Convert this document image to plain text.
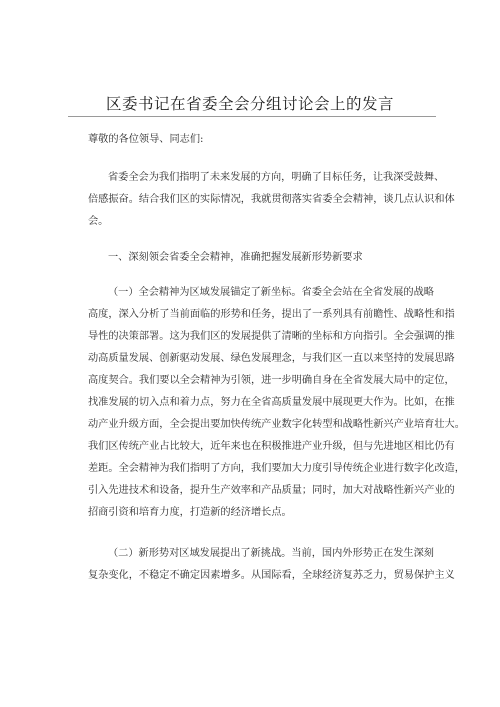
区委书记在省委全会分组讨论会上的发言
尊敬的各位领导、同志们:
省委全会为我们指明了未来发展的方向，明确了目标任务，让我深受鼓舞、
倍感振奋。结合我们区的实际情况，我就贯彻落实省委全会精神，谈几点认识和体
会。
一、深刻领会省委全会精神，准确把握发展新形势新要求
（一）全会精神为区域发展锚定了新坐标。省委全会站在全省发展的战略
高度，深入分析了当前面临的形势和任务，提出了一系列具有前瞻性、战略性和指
导性的决策部署。这为我们区的发展提供了清晰的坐标和方向指引。全会强调的推
动高质量发展、创新驱动发展、绿色发展理念，与我们区一直以来坚持的发展思路
高度契合。我们要以全会精神为引领，进一步明确自身在全省发展大局中的定位，
找准发展的切入点和着力点，努力在全省高质量发展中展现更大作为。比如，在推
动产业升级方面，全会提出要加快传统产业数字化转型和战略性新兴产业培育壮大。
我们区传统产业占比较大，近年来也在积极推进产业升级，但与先进地区相比仍有
差距。全会精神为我们指明了方向，我们要加大力度引导传统企业进行数字化改造，
引入先进技术和设备，提升生产效率和产品质量；同时，加大对战略性新兴产业的
招商引资和培育力度，打造新的经济增长点。
（二）新形势对区域发展提出了新挑战。当前，国内外形势正在发生深刻
复杂变化，不稳定不确定因素增多。从国际看，全球经济复苏乏力，贸易保护主义
